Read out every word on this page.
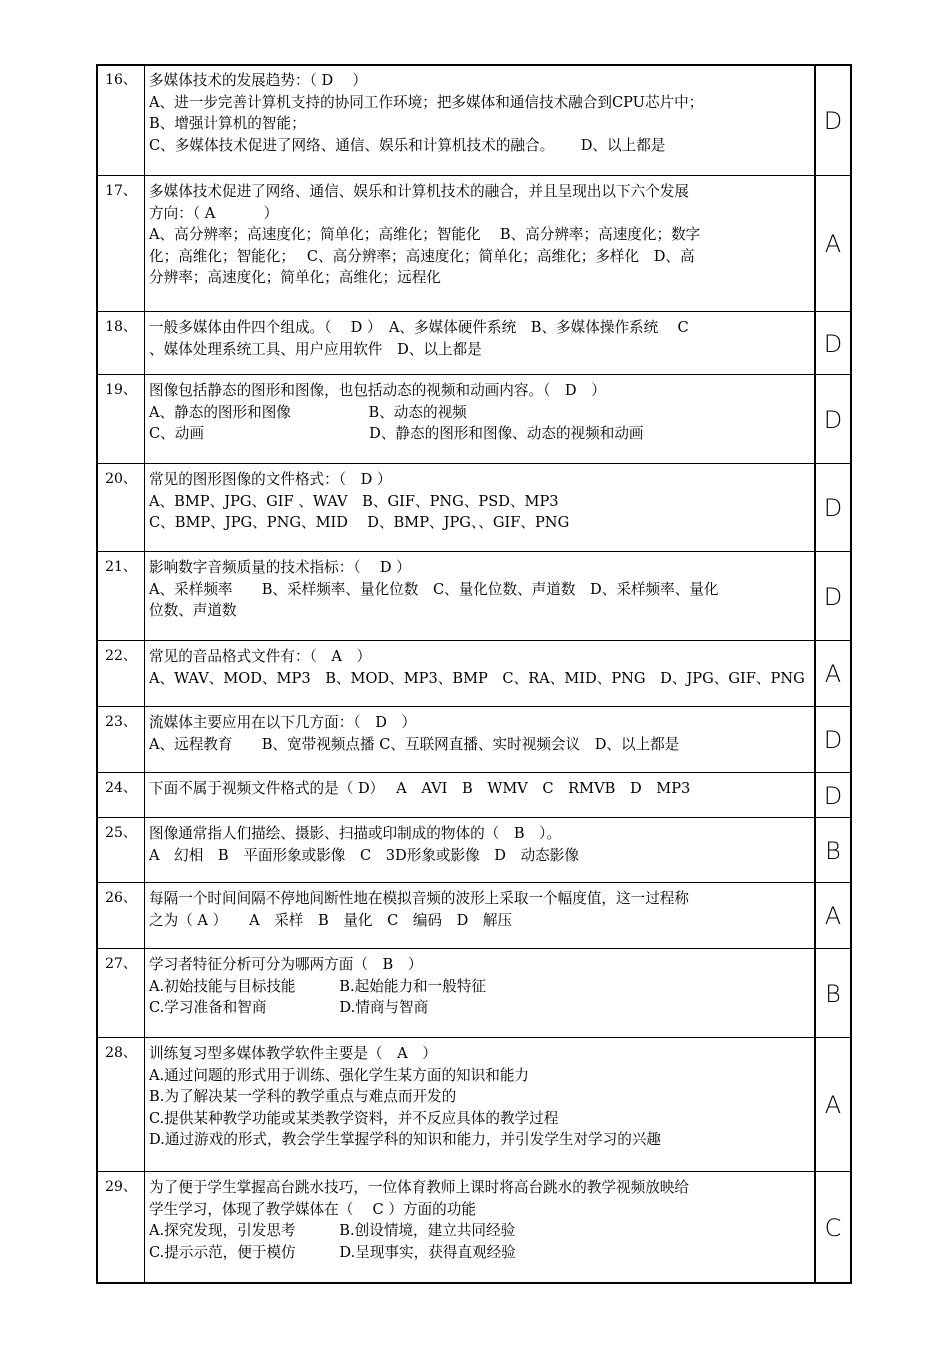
16、 多媒体技术的发展趋势：（ D　 ）
A、进一步完善计算机支持的协同工作环境；把多媒体和通信技术融合到CPU芯片中；
B、增强计算机的智能；
C、多媒体技术促进了网络、通信、娱乐和计算机技术的融合。　　 D、以上都是
D
17、 多媒体技术促进了网络、通信、娱乐和计算机技术的融合，并且呈现出以下六个发展
方向：（ A　　　 ）
A、高分辨率；高速度化；简单化；高维化；智能化　 B、高分辨率；高速度化；数字
化；高维化；智能化；　 C、高分辨率；高速度化；简单化；高维化；多样化　D、高
分辨率；高速度化；简单化；高维化；远程化
A
18、 一般多媒体由件四个组成。（　 D ）　A、多媒体硬件系统　B、多媒体操作系统　 C
、媒体处理系统工具、用户应用软件　D、以上都是	D
19、 图像包括静态的图形和图像，也包括动态的视频和动画内容。（　D　）
A、静态的图形和图像　　　　　 B、动态的视频
C、动画　　　　　　　　　　　 D、静态的图形和图像、动态的视频和动画	D
20、 常见的图形图像的文件格式：（　D ）
A、BMP、JPG、GIF 、WAV　B、GIF、PNG、PSD、MP3
C、BMP、JPG、PNG、MID　 D、BMP、JPG、、GIF、PNG
D
21、 影响数字音频质量的技术指标：（　 D ）
A、采样频率　　B、采样频率、量化位数　C、量化位数、声道数　D、采样频率、量化
位数、声道数	D
22、 常见的音品格式文件有：（　A　）
A、WAV、MOD、MP3　B、MOD、MP3、BMP　C、RA、MID、PNG　D、JPG、GIF、PNG A
23、 流媒体主要应用在以下几方面：（　D　）
A、远程教育　　B、宽带视频点播 C、互联网直播、实时视频会议　D、以上都是	D
24、 下面不属于视频文件格式的是（ D）　 A　AVI　B　WMV　C　RMVB　D　MP3	D
25、 图像通常指人们描绘、摄影、扫描或印制成的物体的（　B　）。
A　幻相　B　平面形象或影像　C　3D形象或影像　D　动态影像	B
26、 每隔一个时间间隔不停地间断性地在模拟音频的波形上采取一个幅度值，这一过程称
之为（ A ）　　A　采样　B　量化　C　编码　D　解压	A
27、 学习者特征分析可分为哪两方面（　B　）
A.初始技能与目标技能　　　B.起始能力和一般特征
C.学习准备和智商　　　　　D.情商与智商	B
28、 训练复习型多媒体教学软件主要是（　A　）
A.通过问题的形式用于训练、强化学生某方面的知识和能力
B.为了解决某一学科的教学重点与难点而开发的
C.提供某种教学功能或某类教学资料，并不反应具体的教学过程
D.通过游戏的形式，教会学生掌握学科的知识和能力，并引发学生对学习的兴趣
A
29、 为了便于学生掌握高台跳水技巧，一位体育教师上课时将高台跳水的教学视频放映给
学生学习，体现了教学媒体在（　 C ）方面的功能
A.探究发现，引发思考　　　B.创设情境，建立共同经验
C.提示示范，便于模仿　　　D.呈现事实，获得直观经验
C
